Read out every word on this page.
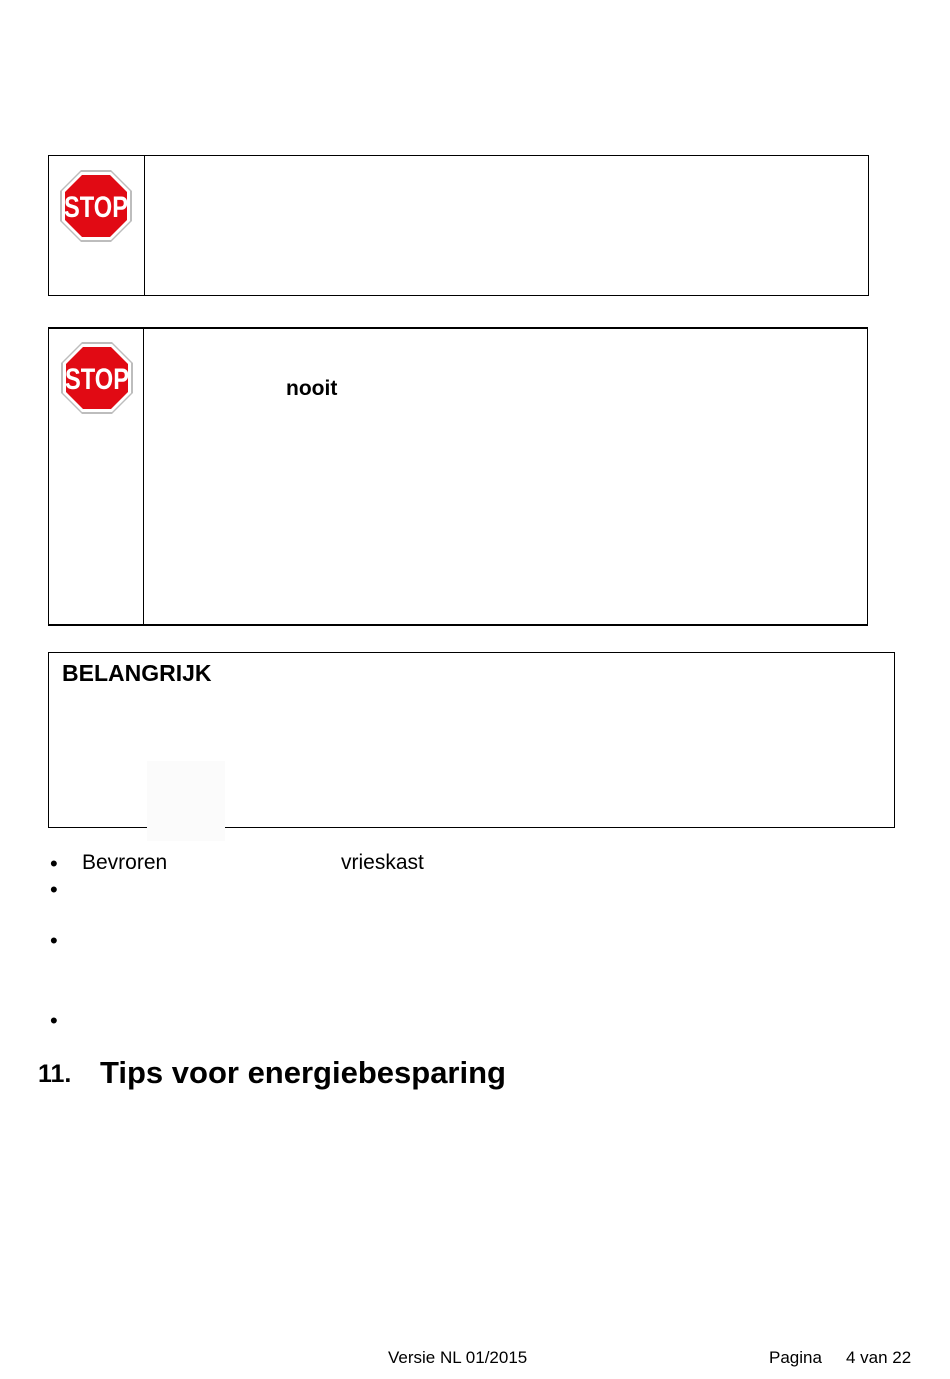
STOP
STOP	nooit
BELANGRIJK
• Bevroren	vrieskast
•
•
•
11. Tips voor energiebesparing
Versie NL 01/2015	Pagina 4 van 22
